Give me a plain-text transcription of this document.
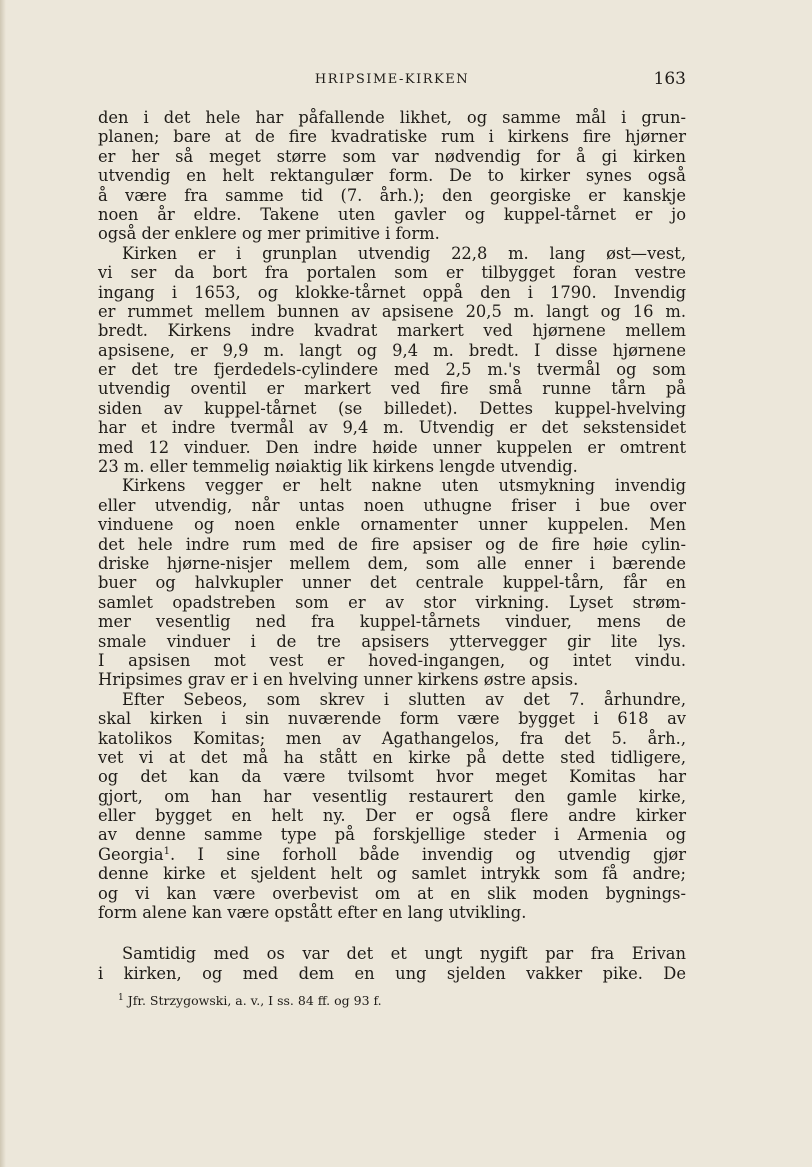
HRIPSIME-KIRKEN	163
den i det hele har påfallende likhet, og samme mål i grun-
planen; bare at de fire kvadratiske rum i kirkens fire hjørner
er her så meget større som var nødvendig for å gi kirken
utvendig en helt rektangulær form. De to kirker synes også
å være fra samme tid (7. årh.); den georgiske er kanskje
noen år eldre. Takene uten gavler og kuppel-tårnet er jo
også der enklere og mer primitive i form.
Kirken er i grunplan utvendig 22,8 m. lang øst—vest,
vi ser da bort fra portalen som er tilbygget foran vestre
ingang i 1653, og klokke-tårnet oppå den i 1790. Invendig
er rummet mellem bunnen av apsisene 20,5 m. langt og 16 m.
bredt. Kirkens indre kvadrat markert ved hjørnene mellem
apsisene, er 9,9 m. langt og 9,4 m. bredt. I disse hjørnene
er det tre fjerdedels-cylindere med 2,5 m.'s tvermål og som
utvendig oventil er markert ved fire små runne tårn på
siden av kuppel-tårnet (se billedet). Dettes kuppel-hvelving
har et indre tvermål av 9,4 m. Utvendig er det sekstensidet
med 12 vinduer. Den indre høide unner kuppelen er omtrent
23 m. eller temmelig nøiaktig lik kirkens lengde utvendig.
Kirkens vegger er helt nakne uten utsmykning invendig
eller utvendig, når untas noen uthugne friser i bue over
vinduene og noen enkle ornamenter unner kuppelen. Men
det hele indre rum med de fire apsiser og de fire høie cylin-
driske hjørne-nisjer mellem dem, som alle enner i bærende
buer og halvkupler unner det centrale kuppel-tårn, får en
samlet opadstreben som er av stor virkning. Lyset strøm-
mer vesentlig ned fra kuppel-tårnets vinduer, mens de
smale vinduer i de tre apsisers yttervegger gir lite lys.
I apsisen mot vest er hoved-ingangen, og intet vindu.
Hripsimes grav er i en hvelving unner kirkens østre apsis.
Efter Sebeos, som skrev i slutten av det 7. århundre,
skal kirken i sin nuværende form være bygget i 618 av
katolikos Komitas; men av Agathangelos, fra det 5. årh.,
vet vi at det må ha stått en kirke på dette sted tidligere,
og det kan da være tvilsomt hvor meget Komitas har
gjort, om han har vesentlig restaurert den gamle kirke,
eller bygget en helt ny. Der er også flere andre kirker
av denne samme type på forskjellige steder i Armenia og
Georgia$^1$. I sine forholl både invendig og utvendig gjør
denne kirke et sjeldent helt og samlet intrykk som få andre;
og vi kan være overbevist om at en slik moden bygnings-
form alene kan være opstått efter en lang utvikling.
Samtidig med os var det et ungt nygift par fra Erivan
i kirken, og med dem en ung sjelden vakker pike. De
$^1$ Jfr. Strzygowski, a. v., I ss. 84 ff. og 93 f.
